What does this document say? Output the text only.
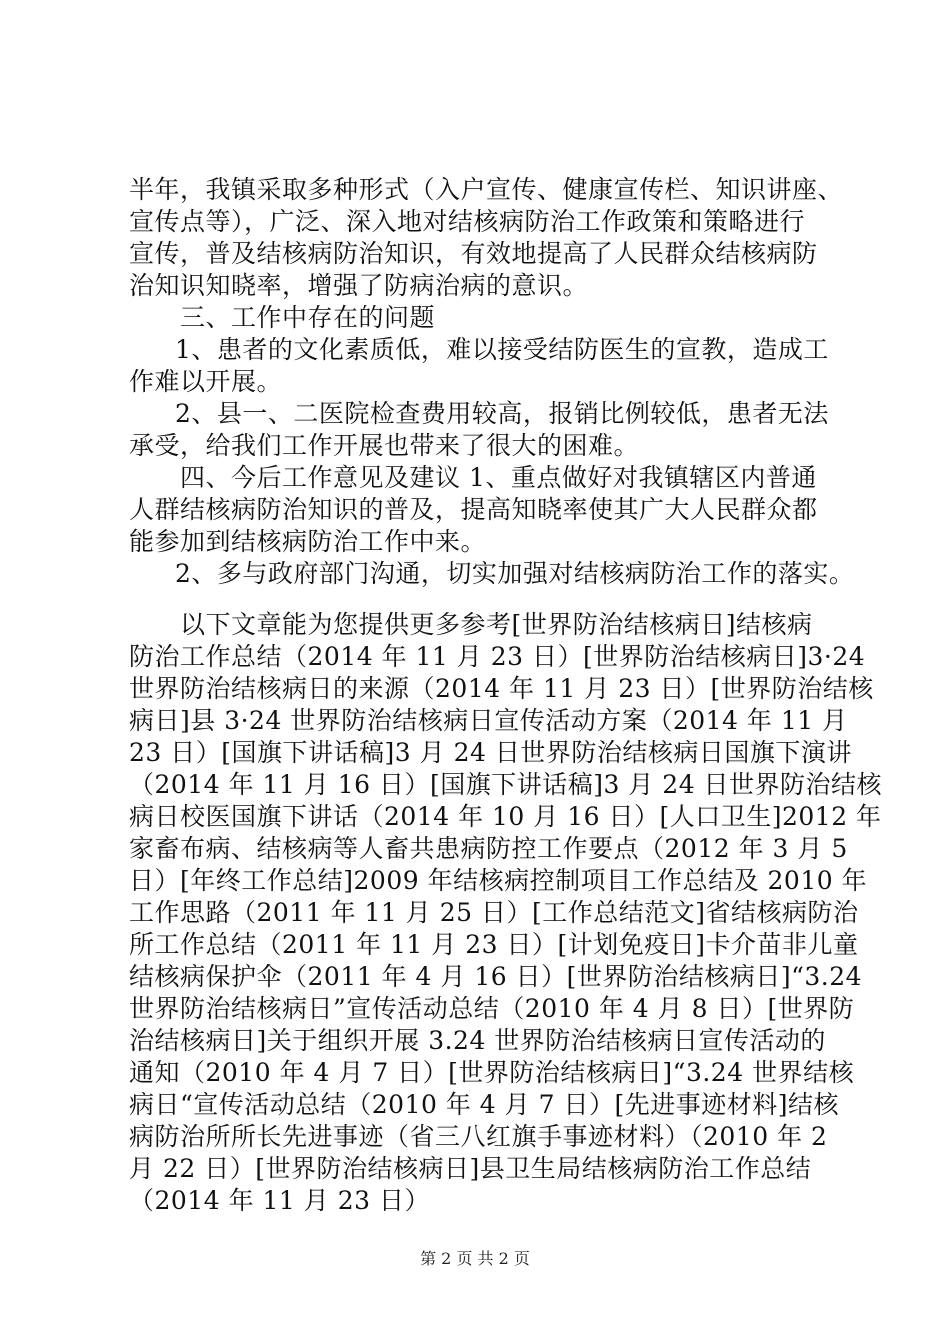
半年，我镇采取多种形式（入户宣传、健康宣传栏、知识讲座、
宣传点等），广泛、深入地对结核病防治工作政策和策略进行
宣传，普及结核病防治知识，有效地提高了人民群众结核病防
治知识知晓率，增强了防病治病的意识。
三、工作中存在的问题
1、患者的文化素质低，难以接受结防医生的宣教，造成工
作难以开展。
2、县一、二医院检查费用较高，报销比例较低，患者无法
承受，给我们工作开展也带来了很大的困难。
四、今后工作意见及建议 1、重点做好对我镇辖区内普通
人群结核病防治知识的普及，提高知晓率使其广大人民群众都
能参加到结核病防治工作中来。
2、多与政府部门沟通，切实加强对结核病防治工作的落实。
以下文章能为您提供更多参考[世界防治结核病日]结核病
防治工作总结（2014 年 11 月 23 日）[世界防治结核病日]3·24
世界防治结核病日的来源（2014 年 11 月 23 日）[世界防治结核
病日]县 3·24 世界防治结核病日宣传活动方案（2014 年 11 月
23 日）[国旗下讲话稿]3 月 24 日世界防治结核病日国旗下演讲
（2014 年 11 月 16 日）[国旗下讲话稿]3 月 24 日世界防治结核
病日校医国旗下讲话（2014 年 10 月 16 日）[人口卫生]2012 年
家畜布病、结核病等人畜共患病防控工作要点（2012 年 3 月 5
日）[年终工作总结]2009 年结核病控制项目工作总结及 2010 年
工作思路（2011 年 11 月 25 日）[工作总结范文]省结核病防治
所工作总结（2011 年 11 月 23 日）[计划免疫日]卡介苗非儿童
结核病保护伞（2011 年 4 月 16 日）[世界防治结核病日]“3.24
世界防治结核病日”宣传活动总结（2010 年 4 月 8 日）[世界防
治结核病日]关于组织开展 3.24 世界防治结核病日宣传活动的
通知（2010 年 4 月 7 日）[世界防治结核病日]“3.24 世界结核
病日“宣传活动总结（2010 年 4 月 7 日）[先进事迹材料]结核
病防治所所长先进事迹（省三八红旗手事迹材料）（2010 年 2
月 22 日）[世界防治结核病日]县卫生局结核病防治工作总结
（2014 年 11 月 23 日）
第 2 页 共 2 页
